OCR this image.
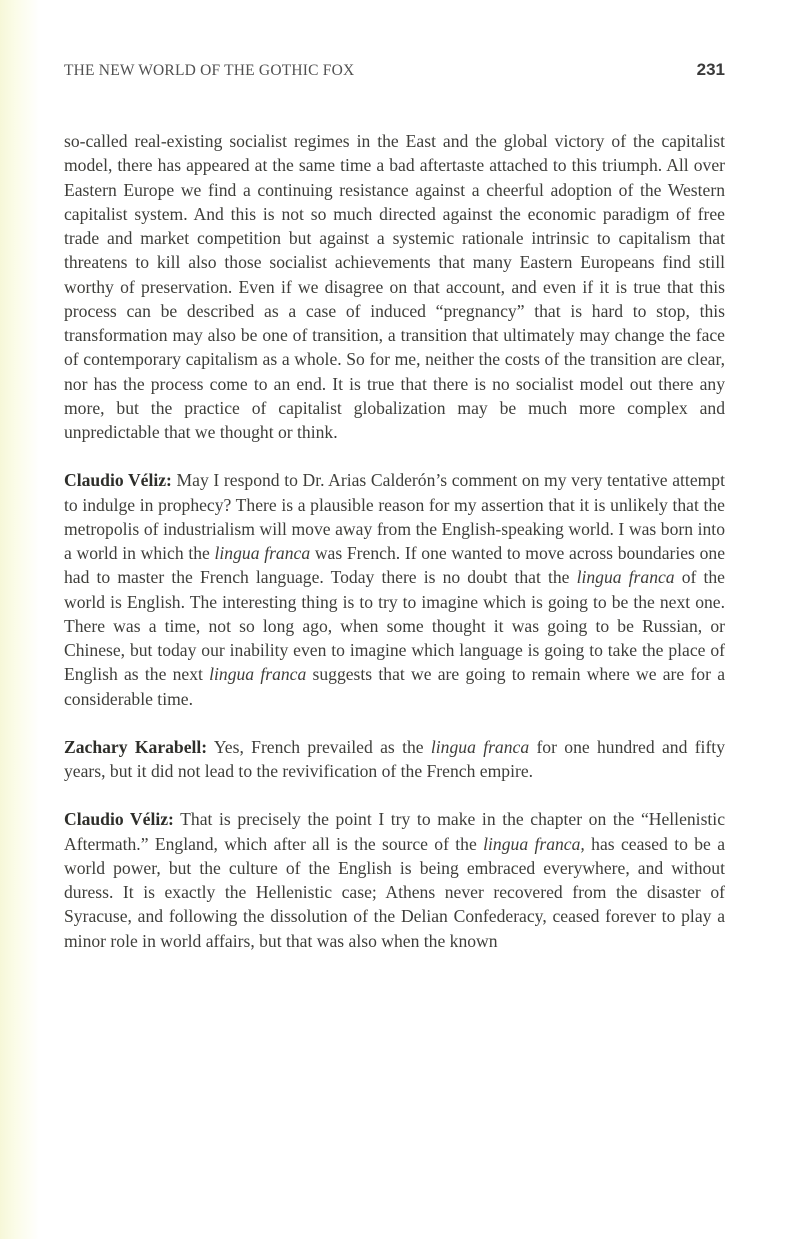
THE NEW WORLD OF THE GOTHIC FOX	231

so-called real-existing socialist regimes in the East and the global victory of the capitalist model, there has appeared at the same time a bad aftertaste attached to this triumph. All over Eastern Europe we find a continuing resistance against a cheerful adoption of the Western capitalist system. And this is not so much directed against the economic paradigm of free trade and market competition but against a systemic rationale intrinsic to capitalism that threatens to kill also those socialist achievements that many Eastern Europeans find still worthy of preservation. Even if we disagree on that account, and even if it is true that this process can be described as a case of induced “pregnancy” that is hard to stop, this transformation may also be one of transition, a transition that ultimately may change the face of contemporary capitalism as a whole. So for me, neither the costs of the transition are clear, nor has the process come to an end. It is true that there is no socialist model out there any more, but the practice of capitalist globalization may be much more complex and unpredictable that we thought or think.

Claudio Véliz: May I respond to Dr. Arias Calderón’s comment on my very tentative attempt to indulge in prophecy? There is a plausible reason for my assertion that it is unlikely that the metropolis of industrialism will move away from the English-speaking world. I was born into a world in which the lingua franca was French. If one wanted to move across boundaries one had to master the French language. Today there is no doubt that the lingua franca of the world is English. The interesting thing is to try to imagine which is going to be the next one. There was a time, not so long ago, when some thought it was going to be Russian, or Chinese, but today our inability even to imagine which language is going to take the place of English as the next lingua franca suggests that we are going to remain where we are for a considerable time.

Zachary Karabell: Yes, French prevailed as the lingua franca for one hundred and fifty years, but it did not lead to the revivification of the French empire.

Claudio Véliz: That is precisely the point I try to make in the chapter on the “Hellenistic Aftermath.” England, which after all is the source of the lingua franca, has ceased to be a world power, but the culture of the English is being embraced everywhere, and without duress. It is exactly the Hellenistic case; Athens never recovered from the disaster of Syracuse, and following the dissolution of the Delian Confederacy, ceased forever to play a minor role in world affairs, but that was also when the known
